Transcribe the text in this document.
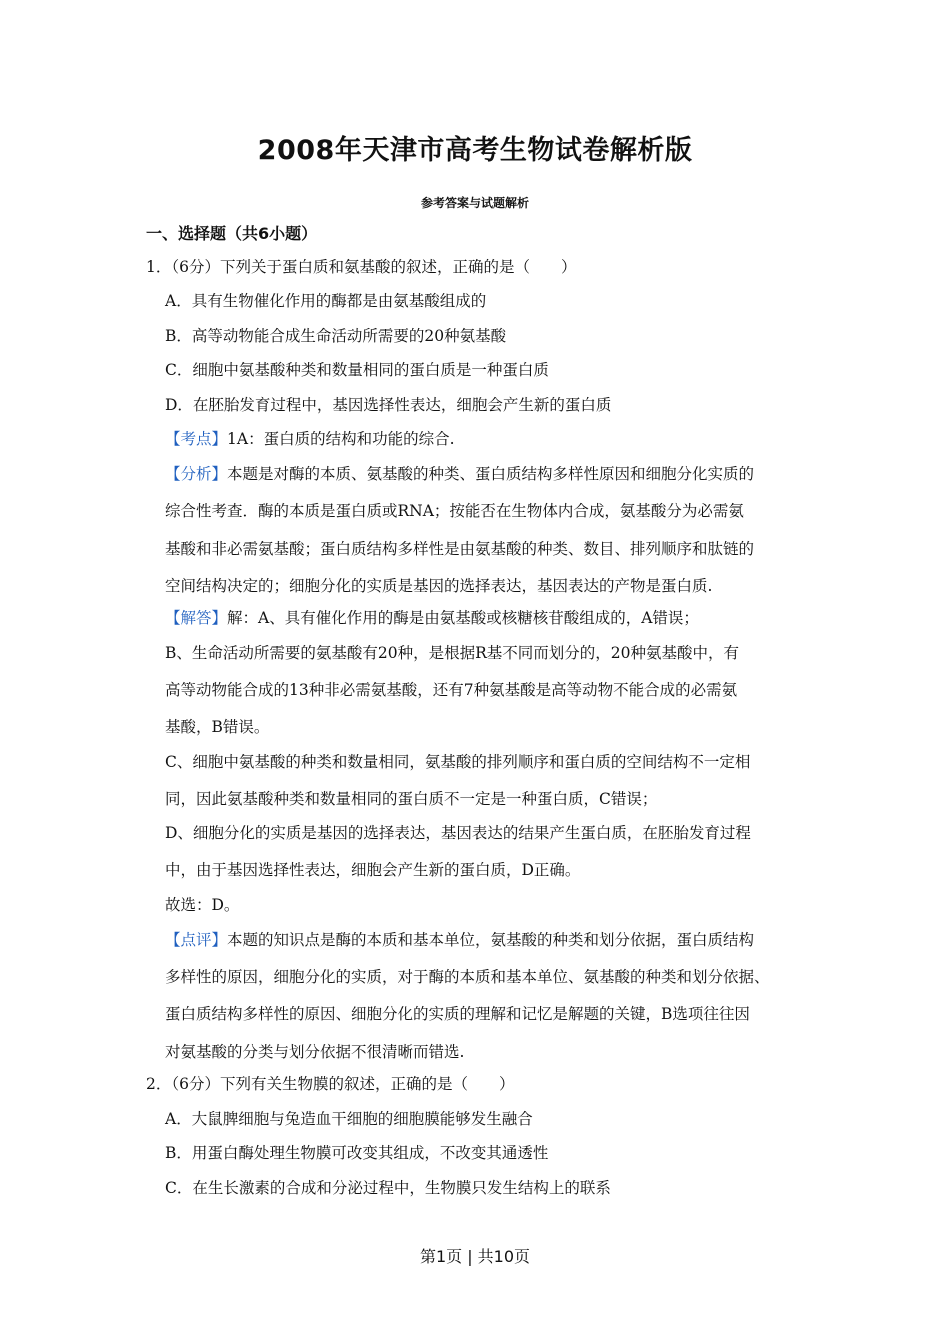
2008年天津市高考生物试卷解析版
参考答案与试题解析
一、选择题（共6小题）
1．（6分）下列关于蛋白质和氨基酸的叙述，正确的是（　　）
A．具有生物催化作用的酶都是由氨基酸组成的
B．高等动物能合成生命活动所需要的20种氨基酸
C．细胞中氨基酸种类和数量相同的蛋白质是一种蛋白质
D．在胚胎发育过程中，基因选择性表达，细胞会产生新的蛋白质
【考点】1A：蛋白质的结构和功能的综合.
【分析】本题是对酶的本质、氨基酸的种类、蛋白质结构多样性原因和细胞分化实质的
综合性考查．酶的本质是蛋白质或RNA；按能否在生物体内合成，氨基酸分为必需氨
基酸和非必需氨基酸；蛋白质结构多样性是由氨基酸的种类、数目、排列顺序和肽链的
空间结构决定的；细胞分化的实质是基因的选择表达，基因表达的产物是蛋白质.
【解答】解：A、具有催化作用的酶是由氨基酸或核糖核苷酸组成的，A错误；
B、生命活动所需要的氨基酸有20种，是根据R基不同而划分的，20种氨基酸中，有
高等动物能合成的13种非必需氨基酸，还有7种氨基酸是高等动物不能合成的必需氨
基酸，B错误。
C、细胞中氨基酸的种类和数量相同，氨基酸的排列顺序和蛋白质的空间结构不一定相
同，因此氨基酸种类和数量相同的蛋白质不一定是一种蛋白质，C错误；
D、细胞分化的实质是基因的选择表达，基因表达的结果产生蛋白质，在胚胎发育过程
中，由于基因选择性表达，细胞会产生新的蛋白质，D正确。
故选：D。
【点评】本题的知识点是酶的本质和基本单位，氨基酸的种类和划分依据，蛋白质结构
多样性的原因，细胞分化的实质，对于酶的本质和基本单位、氨基酸的种类和划分依据、
蛋白质结构多样性的原因、细胞分化的实质的理解和记忆是解题的关键，B选项往往因
对氨基酸的分类与划分依据不很清晰而错选.
2．（6分）下列有关生物膜的叙述，正确的是（　　）
A．大鼠脾细胞与兔造血干细胞的细胞膜能够发生融合
B．用蛋白酶处理生物膜可改变其组成，不改变其通透性
C．在生长激素的合成和分泌过程中，生物膜只发生结构上的联系
第1页 | 共10页
